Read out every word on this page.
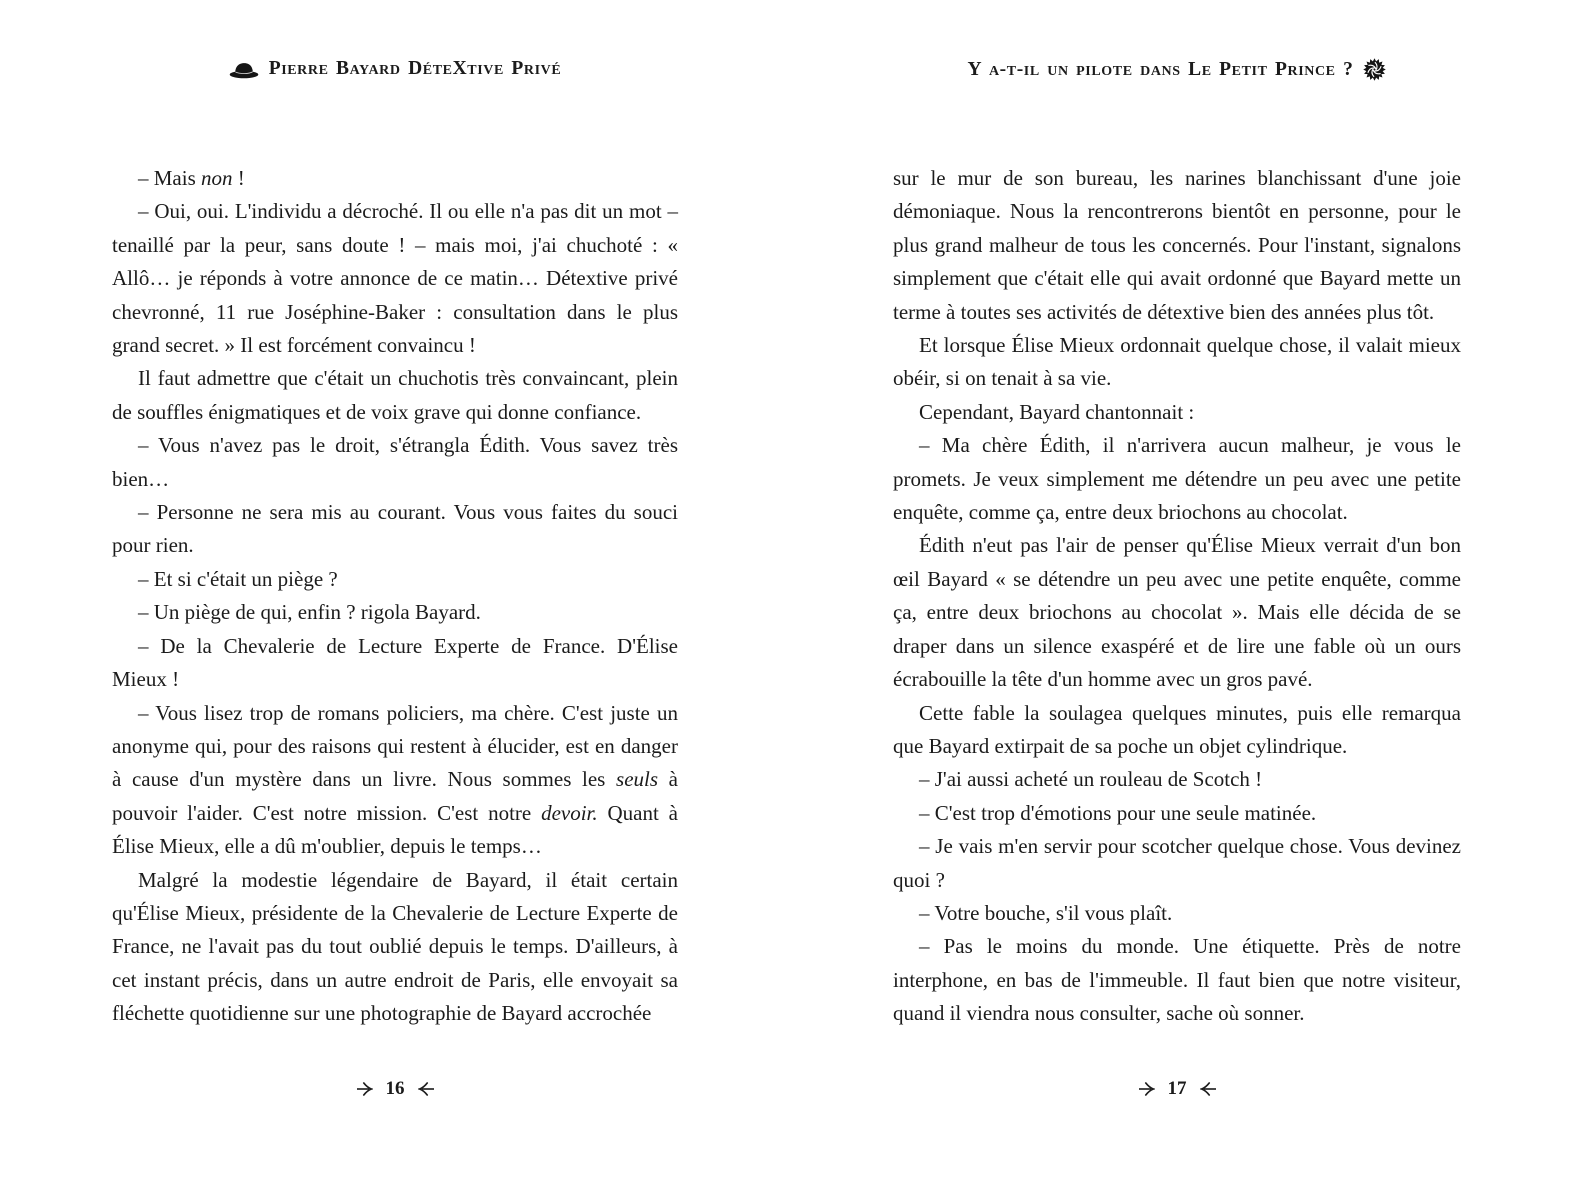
Pierre Bayard DéteXtive Privé

– Mais non !

– Oui, oui. L'individu a décroché. Il ou elle n'a pas dit un mot – tenaillé par la peur, sans doute ! – mais moi, j'ai chuchoté : « Allô… je réponds à votre annonce de ce matin… Détextive privé chevronné, 11 rue Joséphine-Baker : consultation dans le plus grand secret. » Il est forcément convaincu !

Il faut admettre que c'était un chuchotis très convaincant, plein de souffles énigmatiques et de voix grave qui donne confiance.

– Vous n'avez pas le droit, s'étrangla Édith. Vous savez très bien…

– Personne ne sera mis au courant. Vous vous faites du souci pour rien.

– Et si c'était un piège ?

– Un piège de qui, enfin ? rigola Bayard.

– De la Chevalerie de Lecture Experte de France. D'Élise Mieux !

– Vous lisez trop de romans policiers, ma chère. C'est juste un anonyme qui, pour des raisons qui restent à élucider, est en danger à cause d'un mystère dans un livre. Nous sommes les seuls à pouvoir l'aider. C'est notre mission. C'est notre devoir. Quant à Élise Mieux, elle a dû m'oublier, depuis le temps…

Malgré la modestie légendaire de Bayard, il était certain qu'Élise Mieux, présidente de la Chevalerie de Lecture Experte de France, ne l'avait pas du tout oublié depuis le temps. D'ailleurs, à cet instant précis, dans un autre endroit de Paris, elle envoyait sa fléchette quotidienne sur une photographie de Bayard accrochée

16
Y a-t-il un pilote dans Le Petit Prince ?

sur le mur de son bureau, les narines blanchissant d'une joie démoniaque. Nous la rencontrerons bientôt en personne, pour le plus grand malheur de tous les concernés. Pour l'instant, signalons simplement que c'était elle qui avait ordonné que Bayard mette un terme à toutes ses activités de détextive bien des années plus tôt.

Et lorsque Élise Mieux ordonnait quelque chose, il valait mieux obéir, si on tenait à sa vie.

Cependant, Bayard chantonnait :

– Ma chère Édith, il n'arrivera aucun malheur, je vous le promets. Je veux simplement me détendre un peu avec une petite enquête, comme ça, entre deux briochons au chocolat.

Édith n'eut pas l'air de penser qu'Élise Mieux verrait d'un bon œil Bayard « se détendre un peu avec une petite enquête, comme ça, entre deux briochons au chocolat ». Mais elle décida de se draper dans un silence exaspéré et de lire une fable où un ours écrabouille la tête d'un homme avec un gros pavé.

Cette fable la soulagea quelques minutes, puis elle remarqua que Bayard extirpait de sa poche un objet cylindrique.

– J'ai aussi acheté un rouleau de Scotch !

– C'est trop d'émotions pour une seule matinée.

– Je vais m'en servir pour scotcher quelque chose. Vous devinez quoi ?

– Votre bouche, s'il vous plaît.

– Pas le moins du monde. Une étiquette. Près de notre interphone, en bas de l'immeuble. Il faut bien que notre visiteur, quand il viendra nous consulter, sache où sonner.

17
